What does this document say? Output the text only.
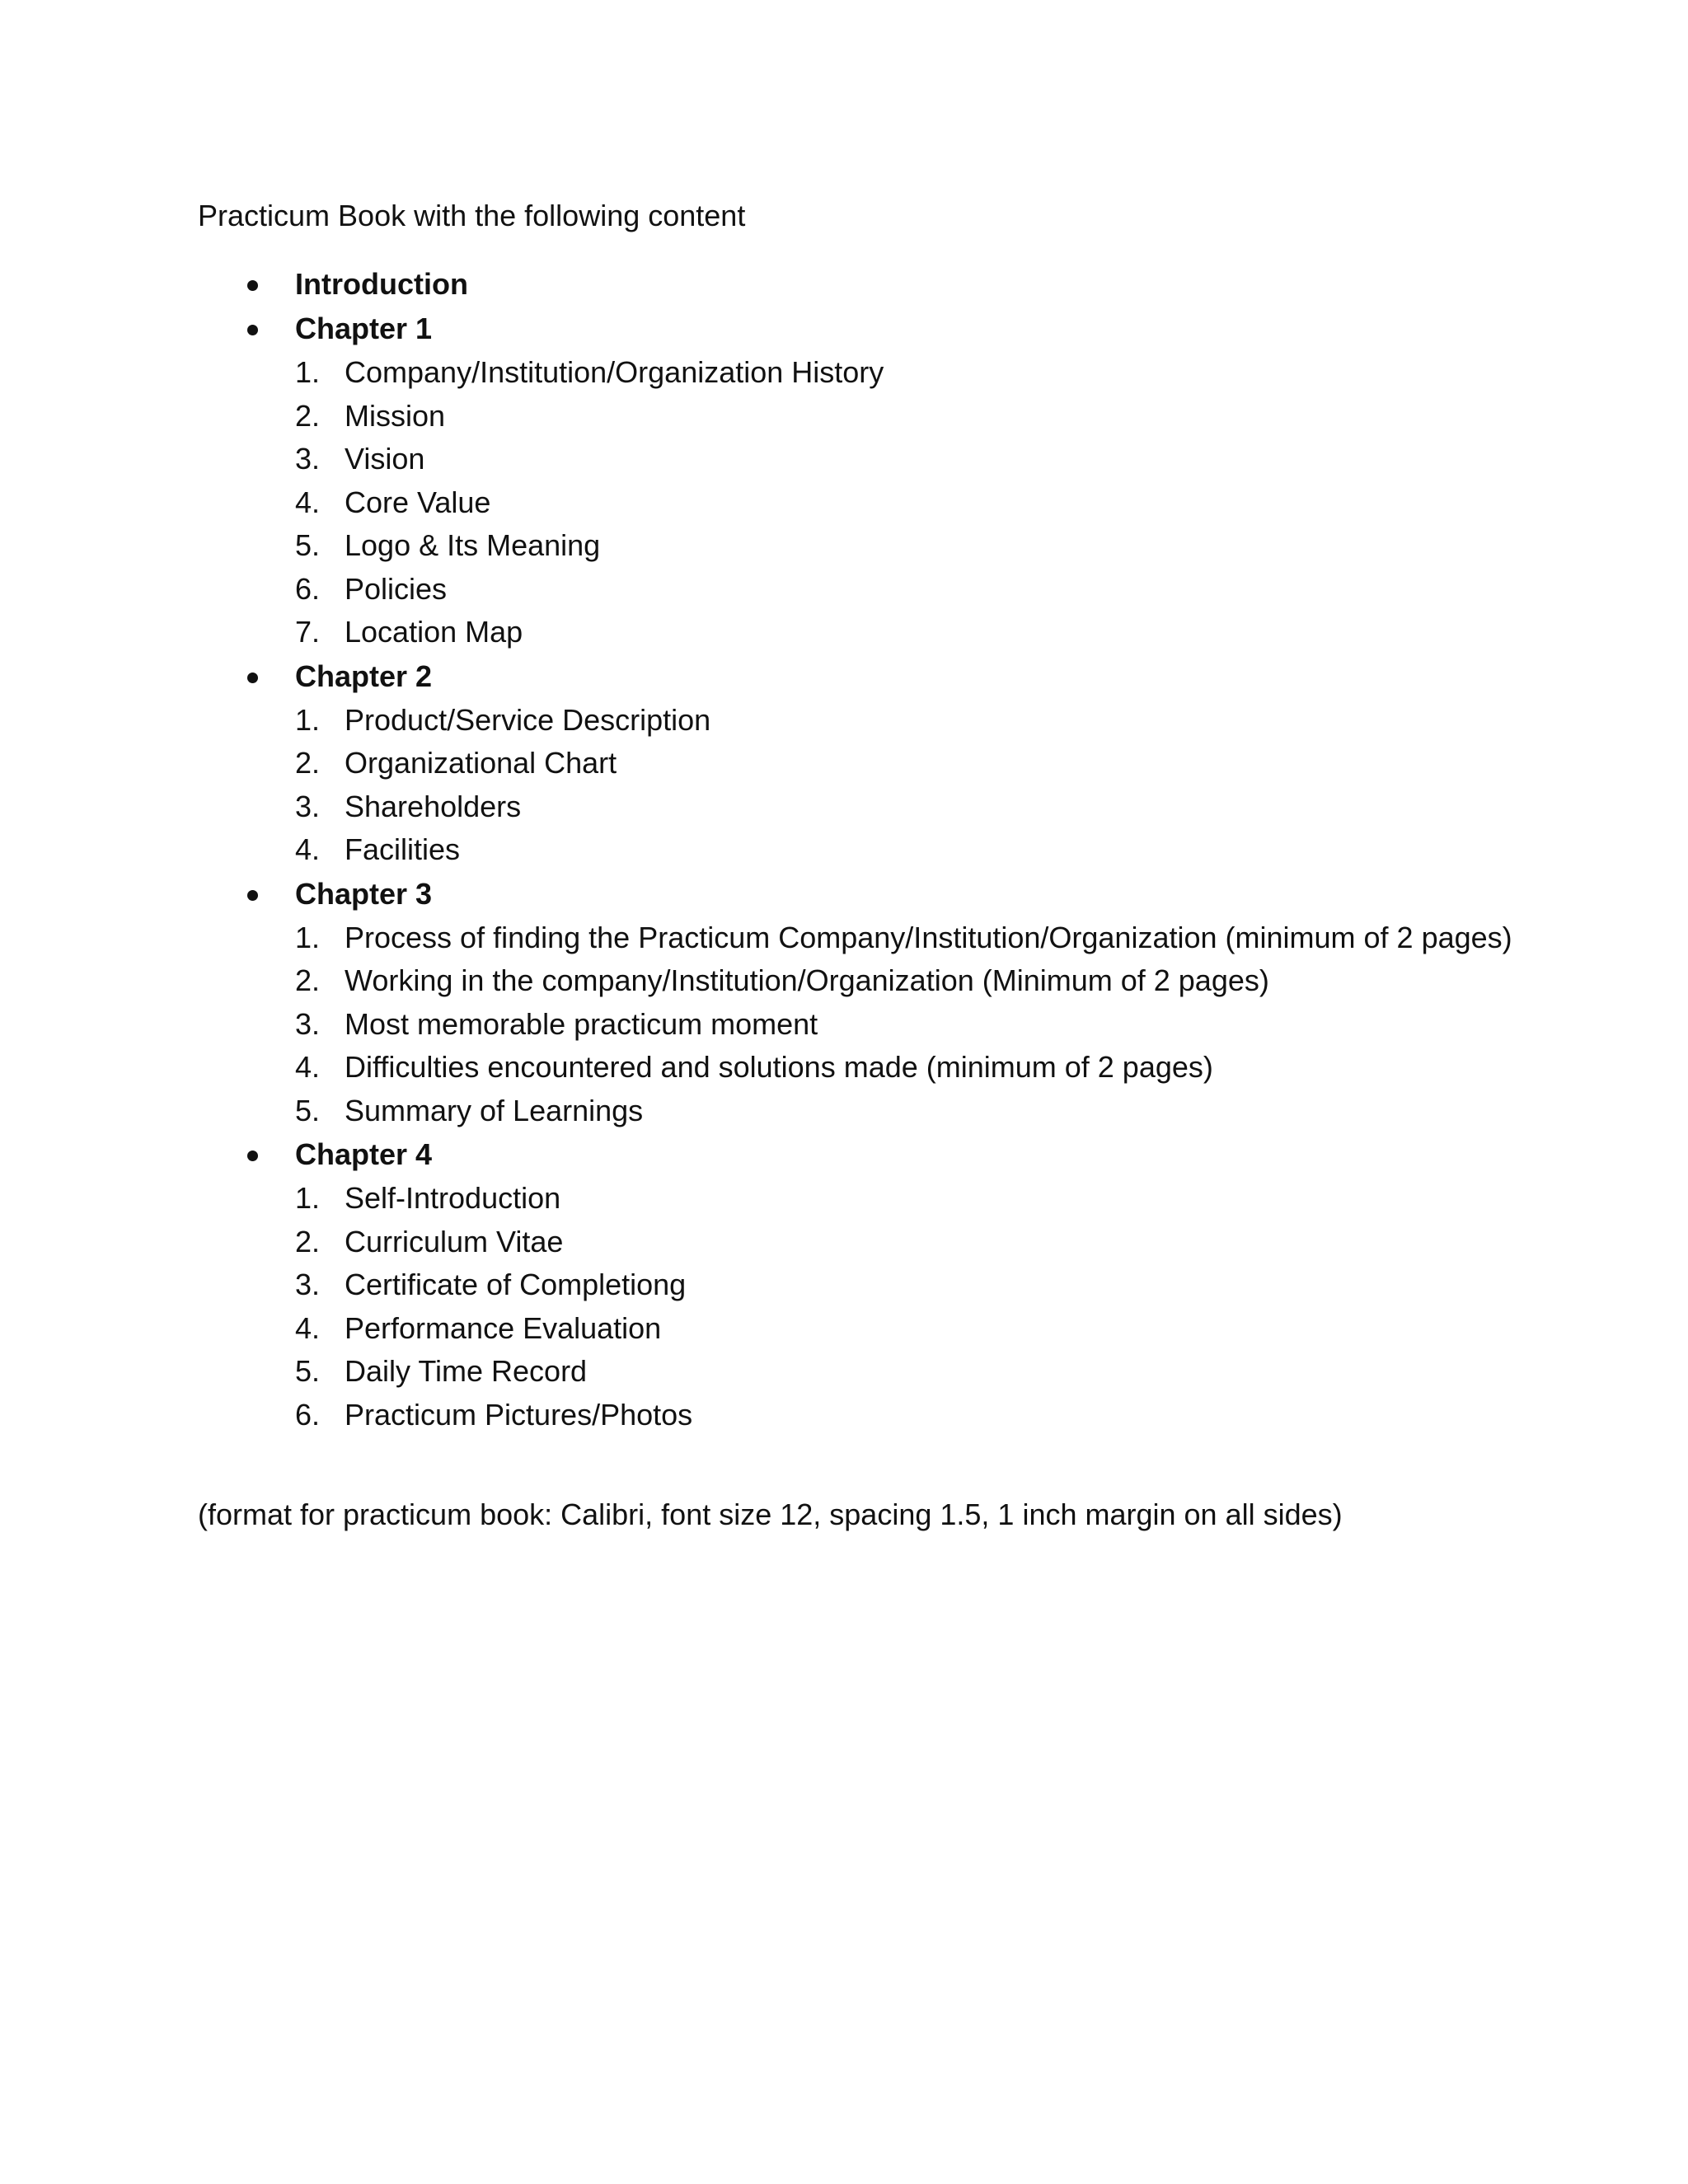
Practicum Book with the following content
Introduction
Chapter 1
1. Company/Institution/Organization History
2. Mission
3. Vision
4. Core Value
5. Logo & Its Meaning
6. Policies
7. Location Map
Chapter 2
1. Product/Service Description
2. Organizational Chart
3. Shareholders
4. Facilities
Chapter 3
1. Process of finding the Practicum Company/Institution/Organization (minimum of 2 pages)
2. Working in the company/Institution/Organization (Minimum of 2 pages)
3. Most memorable practicum moment
4. Difficulties encountered and solutions made (minimum of 2 pages)
5. Summary of Learnings
Chapter 4
1. Self-Introduction
2. Curriculum Vitae
3. Certificate of Completiong
4. Performance Evaluation
5. Daily Time Record
6. Practicum Pictures/Photos
(format for practicum book: Calibri, font size 12, spacing 1.5, 1 inch margin on all sides)
